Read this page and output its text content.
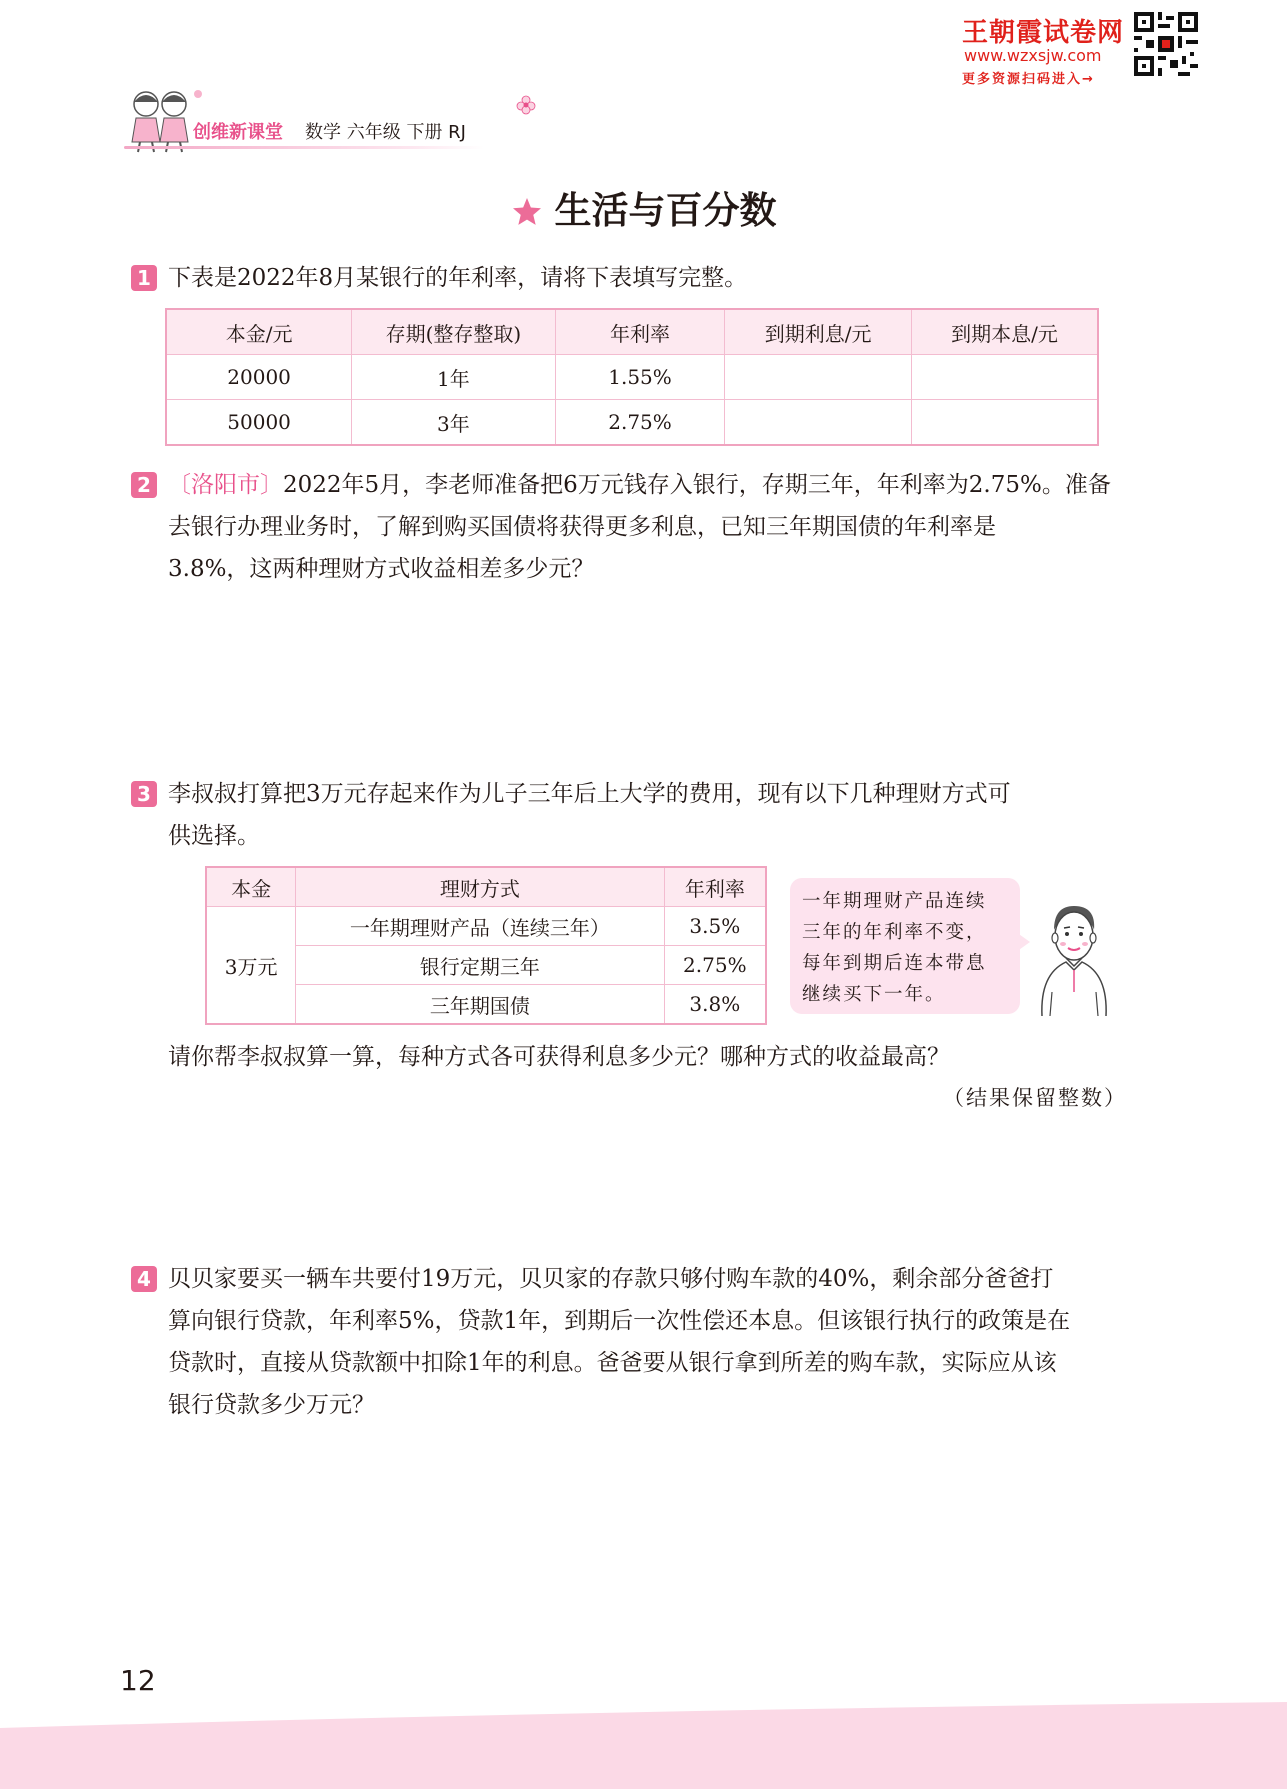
王朝霞试卷网
www.wzxsjw.com
更多资源扫码进入→
创维新课堂 数学 六年级 下册 RJ
生活与百分数
1 下表是2022年8月某银行的年利率，请将下表填写完整。
本金/元	存期(整存整取)	年利率	到期利息/元	到期本息/元
20000	1年	1.55%		
50000	3年	2.75%		
2 〔洛阳市〕2022年5月，李老师准备把6万元钱存入银行，存期三年，年利率为2.75%。准备
去银行办理业务时，了解到购买国债将获得更多利息，已知三年期国债的年利率是
3.8%，这两种理财方式收益相差多少元？
3 李叔叔打算把3万元存起来作为儿子三年后上大学的费用，现有以下几种理财方式可
供选择。
本金	理财方式	年利率
3万元	一年期理财产品（连续三年）	3.5%
	银行定期三年	2.75%
	三年期国债	3.8%
一年期理财产品连续
三年的年利率不变，
每年到期后连本带息
继续买下一年。
请你帮李叔叔算一算，每种方式各可获得利息多少元？哪种方式的收益最高？
（结果保留整数）
4 贝贝家要买一辆车共要付19万元，贝贝家的存款只够付购车款的40%，剩余部分爸爸打
算向银行贷款，年利率5%，贷款1年，到期后一次性偿还本息。但该银行执行的政策是在
贷款时，直接从贷款额中扣除1年的利息。爸爸要从银行拿到所差的购车款，实际应从该
银行贷款多少万元？
12
